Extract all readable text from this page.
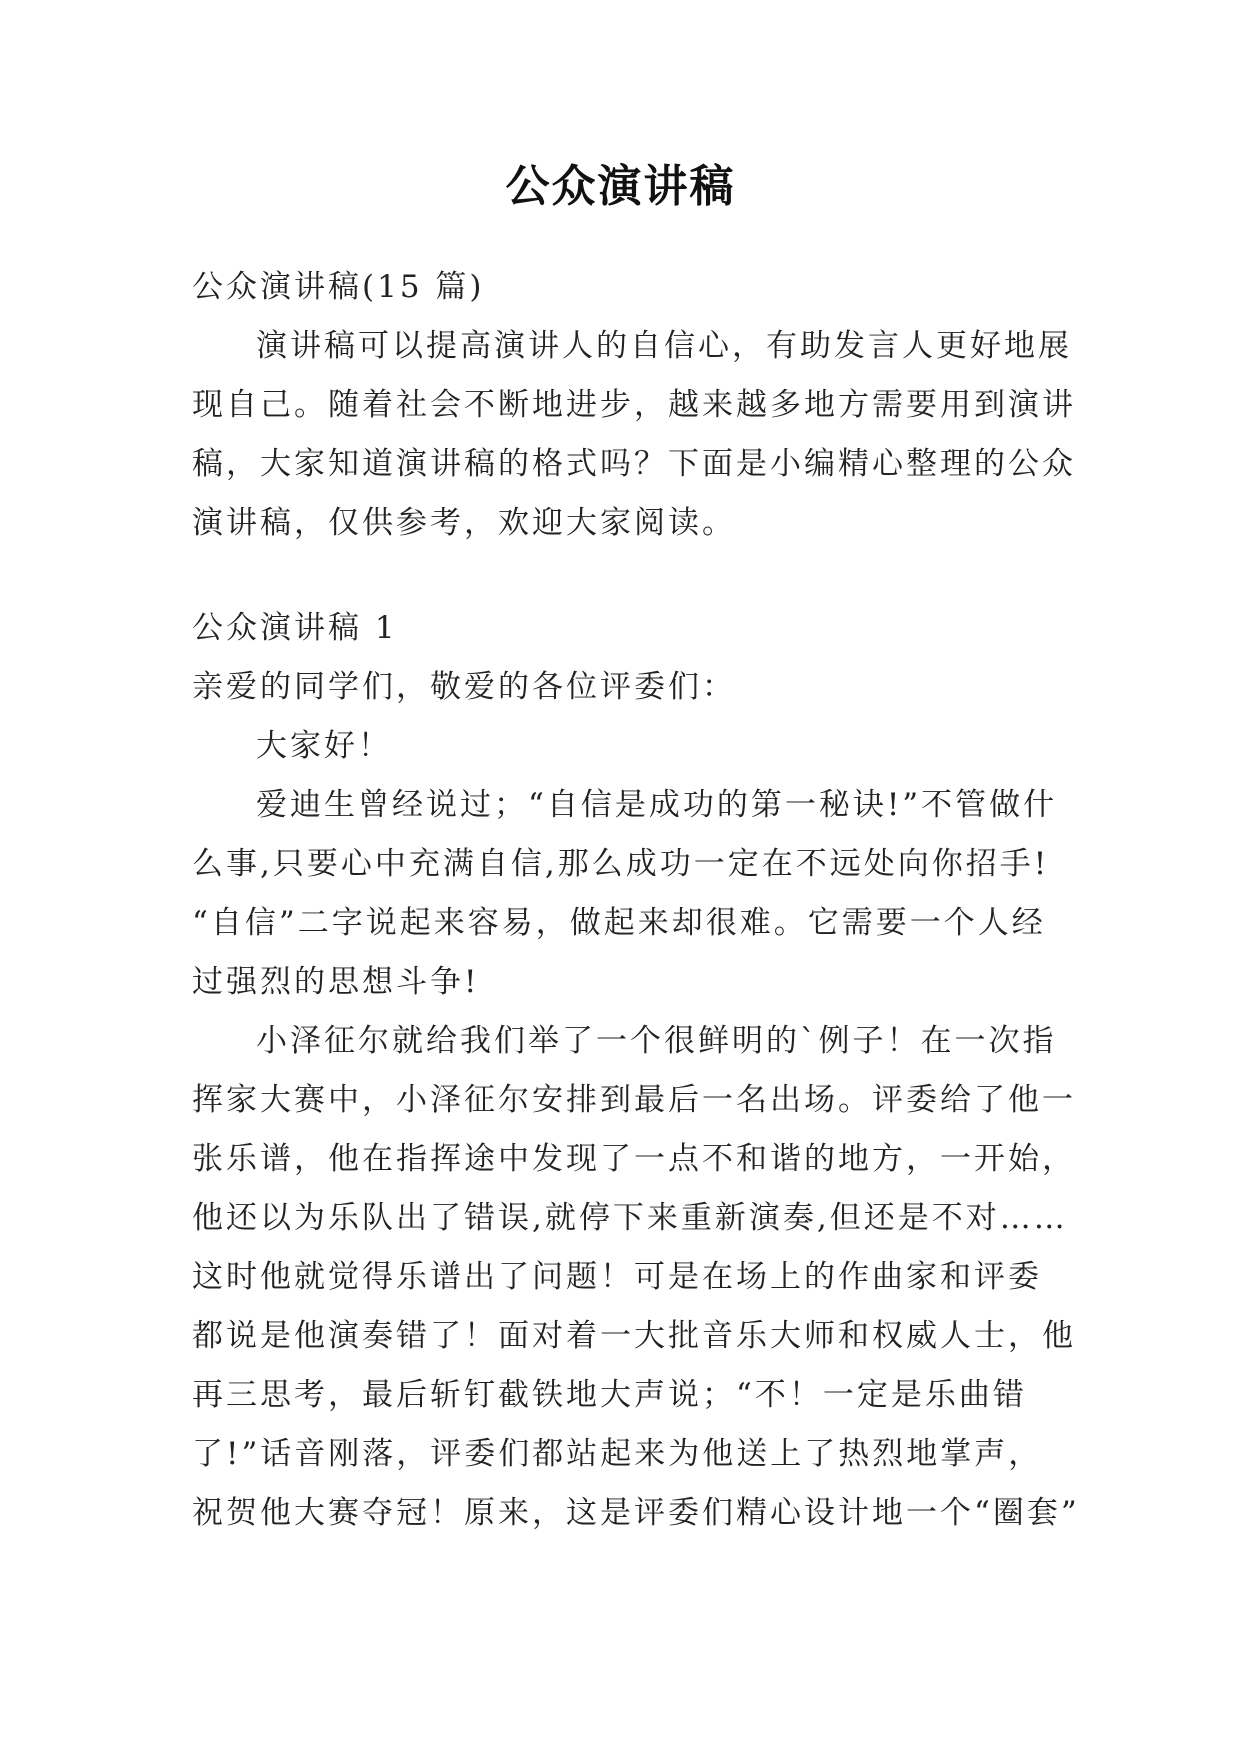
公众演讲稿
公众演讲稿(15 篇)
演讲稿可以提高演讲人的自信心，有助发言人更好地展
现自己。随着社会不断地进步，越来越多地方需要用到演讲
稿，大家知道演讲稿的格式吗？下面是小编精心整理的公众
演讲稿，仅供参考，欢迎大家阅读。
公众演讲稿 1
亲爱的同学们，敬爱的各位评委们：
大家好！
爱迪生曾经说过；“自信是成功的第一秘诀!”不管做什
么事,只要心中充满自信,那么成功一定在不远处向你招手!
“自信”二字说起来容易，做起来却很难。它需要一个人经
过强烈的思想斗争!
小泽征尔就给我们举了一个很鲜明的`例子！在一次指
挥家大赛中，小泽征尔安排到最后一名出场。评委给了他一
张乐谱，他在指挥途中发现了一点不和谐的地方，一开始，
他还以为乐队出了错误,就停下来重新演奏,但还是不对……
这时他就觉得乐谱出了问题！可是在场上的作曲家和评委
都说是他演奏错了！面对着一大批音乐大师和权威人士，他
再三思考，最后斩钉截铁地大声说；“不！一定是乐曲错
了!”话音刚落，评委们都站起来为他送上了热烈地掌声，
祝贺他大赛夺冠！原来，这是评委们精心设计地一个“圈套”
